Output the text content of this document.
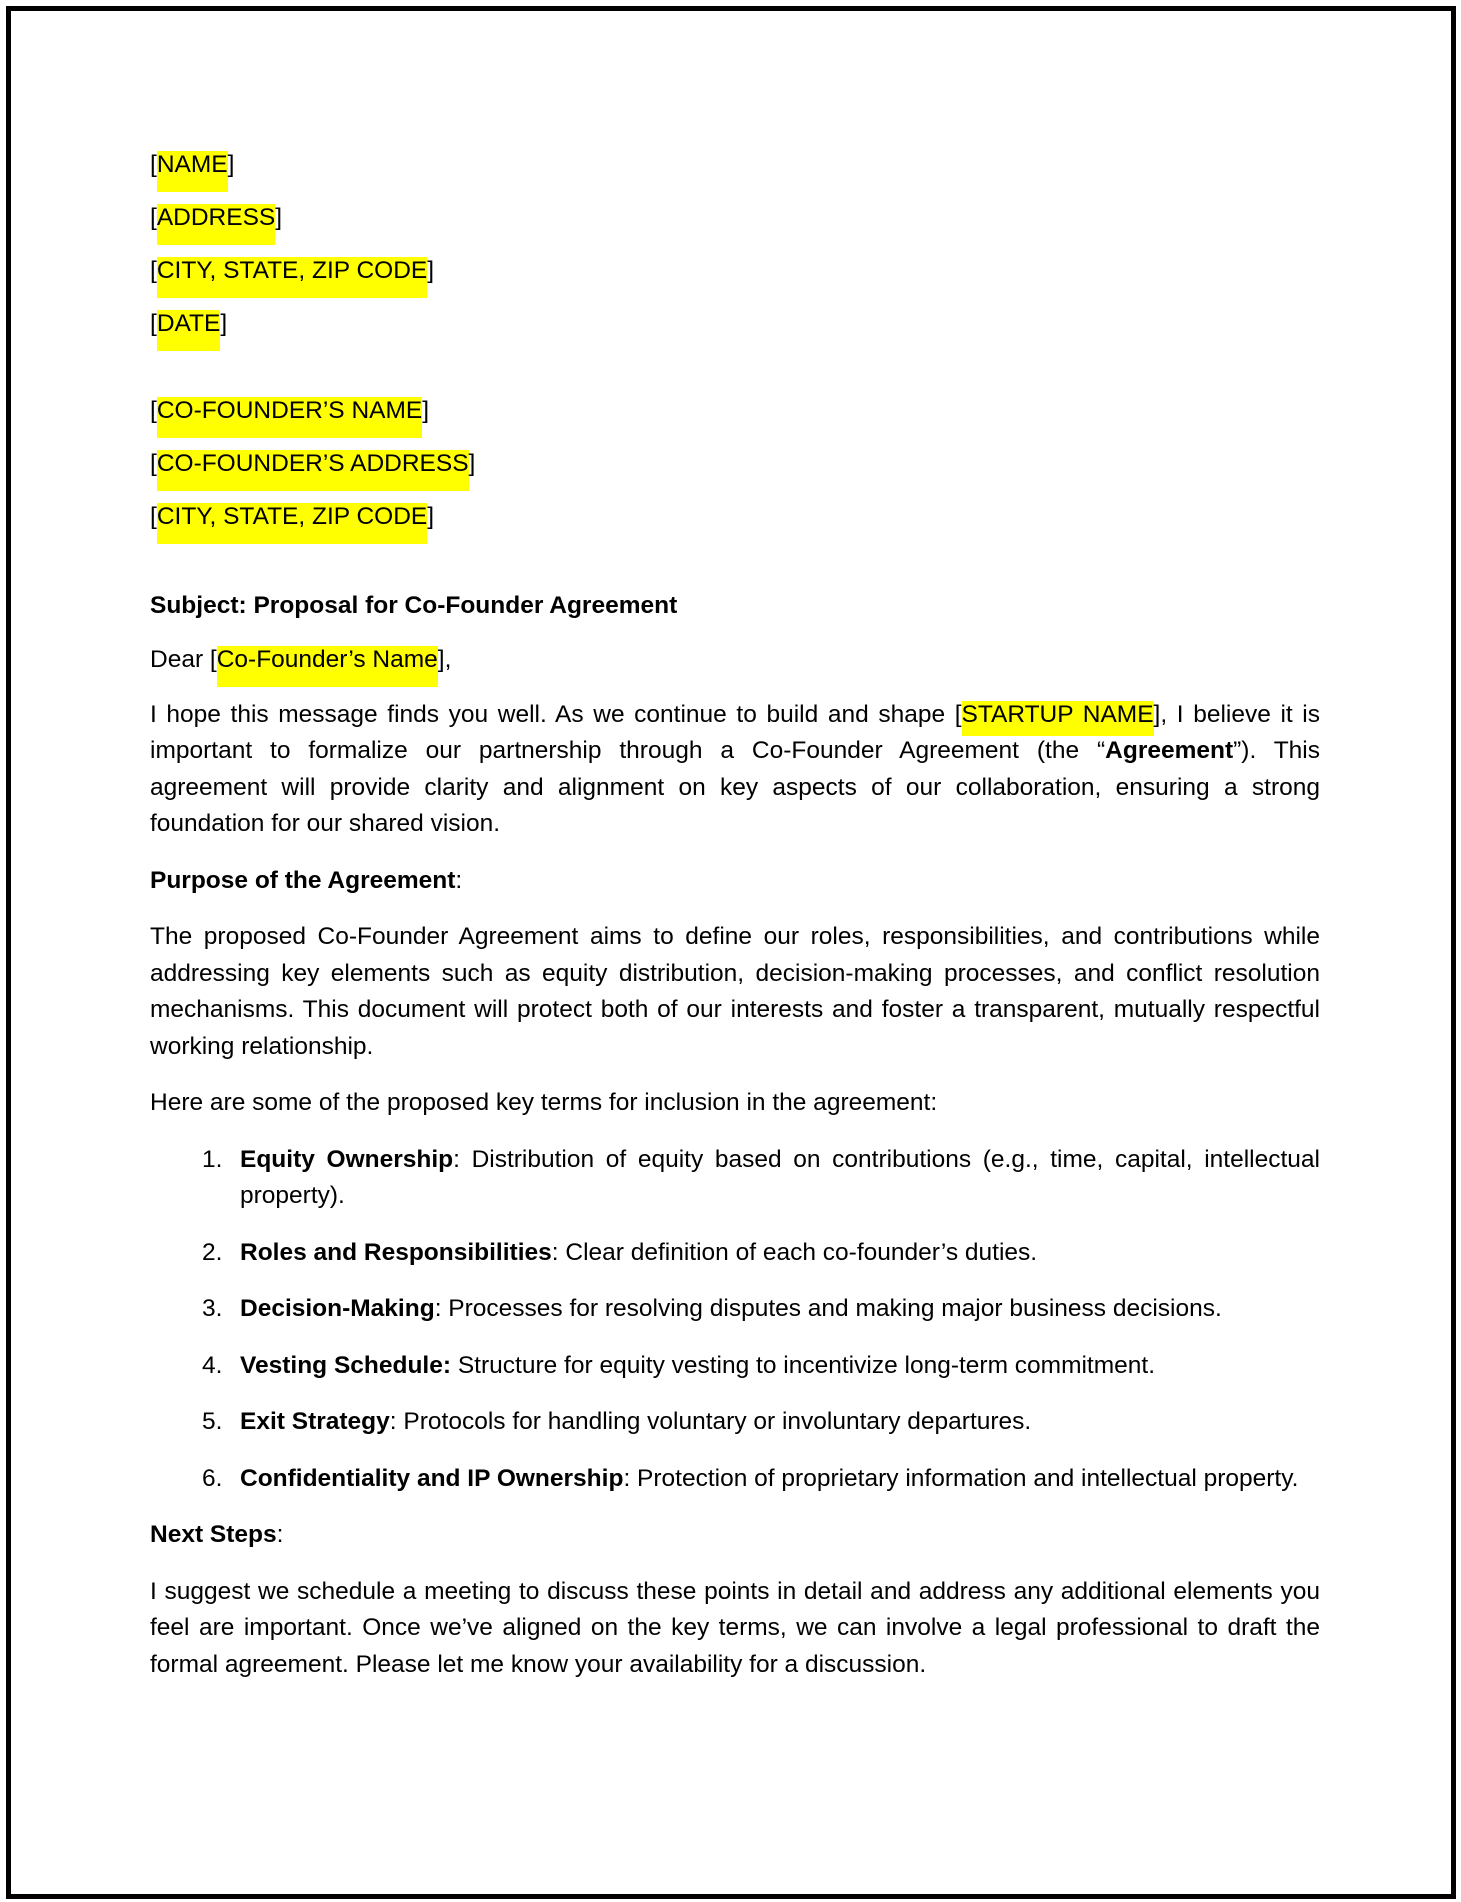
[NAME]

[ADDRESS]

[CITY, STATE, ZIP CODE]

[DATE]

[CO-FOUNDER’S NAME]

[CO-FOUNDER’S ADDRESS]

[CITY, STATE, ZIP CODE]

Subject: Proposal for Co-Founder Agreement

Dear [Co-Founder’s Name],

I hope this message finds you well. As we continue to build and shape [STARTUP NAME], I believe it is important to formalize our partnership through a Co-Founder Agreement (the “Agreement”). This agreement will provide clarity and alignment on key aspects of our collaboration, ensuring a strong foundation for our shared vision.

Purpose of the Agreement:

The proposed Co-Founder Agreement aims to define our roles, responsibilities, and contributions while addressing key elements such as equity distribution, decision-making processes, and conflict resolution mechanisms. This document will protect both of our interests and foster a transparent, mutually respectful working relationship.

Here are some of the proposed key terms for inclusion in the agreement:

1. Equity Ownership: Distribution of equity based on contributions (e.g., time, capital, intellectual property).
2. Roles and Responsibilities: Clear definition of each co-founder’s duties.
3. Decision-Making: Processes for resolving disputes and making major business decisions.
4. Vesting Schedule: Structure for equity vesting to incentivize long-term commitment.
5. Exit Strategy: Protocols for handling voluntary or involuntary departures.
6. Confidentiality and IP Ownership: Protection of proprietary information and intellectual property.

Next Steps:

I suggest we schedule a meeting to discuss these points in detail and address any additional elements you feel are important. Once we’ve aligned on the key terms, we can involve a legal professional to draft the formal agreement. Please let me know your availability for a discussion.
